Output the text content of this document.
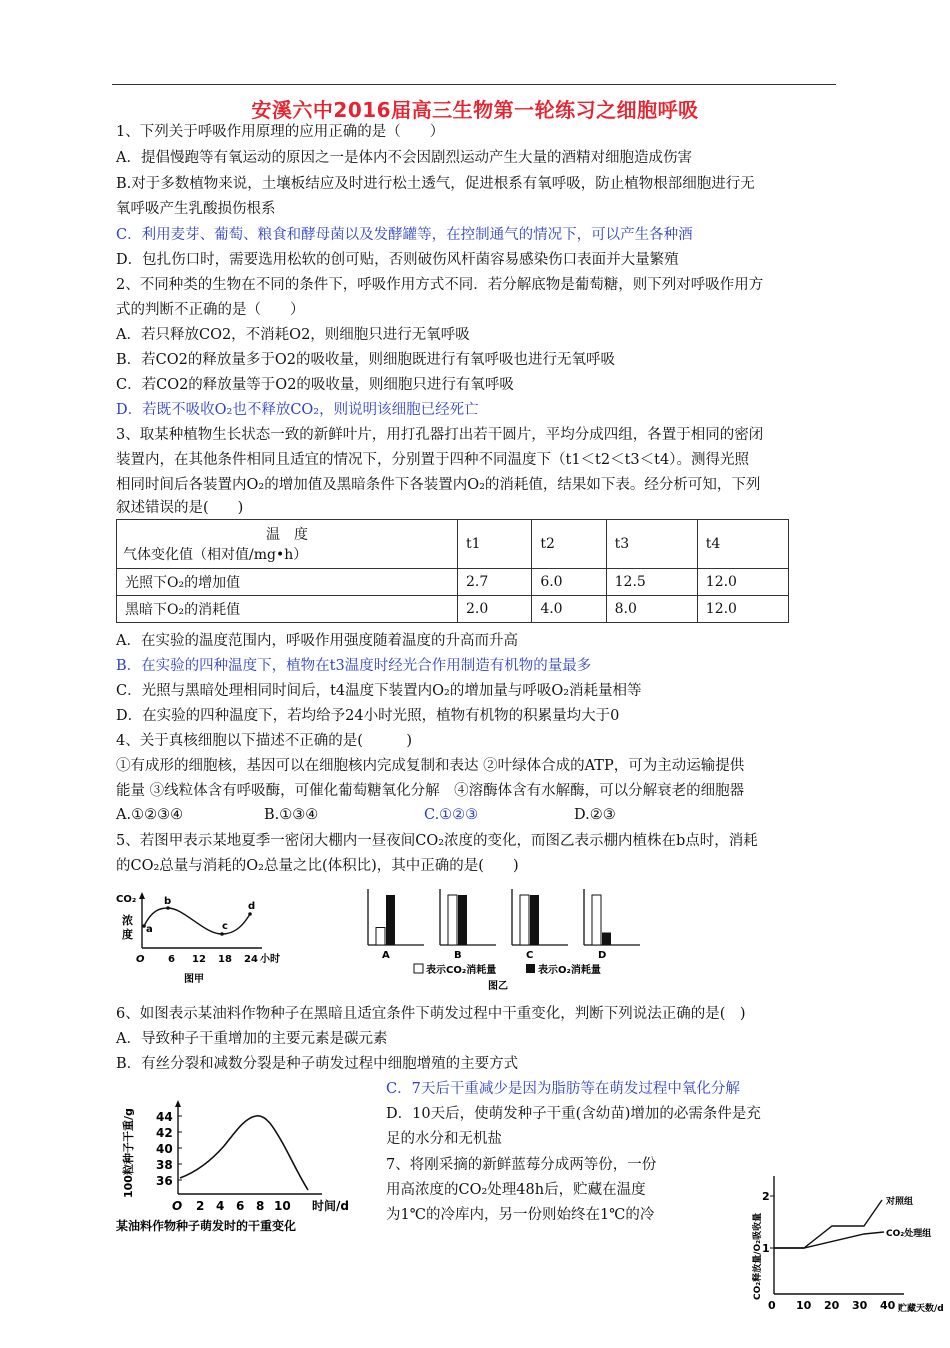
安溪六中2016届高三生物第一轮练习之细胞呼吸
1、下列关于呼吸作用原理的应用正确的是（　　）
A．提倡慢跑等有氧运动的原因之一是体内不会因剧烈运动产生大量的酒精对细胞造成伤害
B.对于多数植物来说，土壤板结应及时进行松土透气，促进根系有氧呼吸，防止植物根部细胞进行无
氧呼吸产生乳酸损伤根系
C．利用麦芽、葡萄、粮食和酵母菌以及发酵罐等，在控制通气的情况下，可以产生各种酒
D．包扎伤口时，需要选用松软的创可贴，否则破伤风杆菌容易感染伤口表面并大量繁殖
2、不同种类的生物在不同的条件下，呼吸作用方式不同．若分解底物是葡萄糖，则下列对呼吸作用方
式的判断不正确的是（　　）
A．若只释放CO2，不消耗O2，则细胞只进行无氧呼吸
B．若CO2的释放量多于O2的吸收量，则细胞既进行有氧呼吸也进行无氧呼吸
C．若CO2的释放量等于O2的吸收量，则细胞只进行有氧呼吸
D．若既不吸收O₂也不释放CO₂，则说明该细胞已经死亡
3、取某种植物生长状态一致的新鲜叶片，用打孔器打出若干圆片，平均分成四组，各置于相同的密闭
装置内，在其他条件相同且适宜的情况下，分别置于四种不同温度下（t1＜t2＜t3＜t4）。测得光照
相同时间后各装置内O₂的增加值及黑暗条件下各装置内O₂的消耗值，结果如下表。经分析可知，下列
叙述错误的是(　　)
温　度
气体变化值（相对值/mg•h）	t1	t2	t3	t4
光照下O₂的增加值	2.7	6.0	12.5	12.0
黑暗下O₂的消耗值	2.0	4.0	8.0	12.0
A．在实验的温度范围内，呼吸作用强度随着温度的升高而升高
B．在实验的四种温度下，植物在t3温度时经光合作用制造有机物的量最多
C．光照与黑暗处理相同时间后，t4温度下装置内O₂的增加量与呼吸O₂消耗量相等
D．在实验的四种温度下，若均给予24小时光照，植物有机物的积累量均大于0
4、关于真核细胞以下描述不正确的是(　　　)
①有成形的细胞核，基因可以在细胞核内完成复制和表达 ②叶绿体合成的ATP，可为主动运输提供
能量 ③线粒体含有呼吸酶，可催化葡萄糖氧化分解　④溶酶体含有水解酶，可以分解衰老的细胞器
A.①②③④	B.①③④	C.①②③	D.②③
5、若图甲表示某地夏季一密闭大棚内一昼夜间CO₂浓度的变化，而图乙表示棚内植株在b点时，消耗
的CO₂总量与消耗的O₂总量之比(体积比)，其中正确的是(　　)
CO₂
浓
度 a
b
c
d
O 6 12 18 24 小时
图甲
A	B	C	D
表示CO₂消耗量	表示O₂消耗量
图乙
6、如图表示某油料作物种子在黑暗且适宜条件下萌发过程中干重变化，判断下列说法正确的是(　)
A．导致种子干重增加的主要元素是碳元素
B．有丝分裂和减数分裂是种子萌发过程中细胞增殖的主要方式
C．7天后干重减少是因为脂肪等在萌发过程中氧化分解
D．10天后，使萌发种子干重(含幼苗)增加的必需条件是充
足的水分和无机盐
100粒种子干重/g 36
38
40
42
44
O 2 4 6 8 10 时间/d
某油料作物种子萌发时的干重变化
7、将刚采摘的新鲜蓝莓分成两等份，一份
用高浓度的CO₂处理48h后，贮藏在温度
为1℃的冷库内，另一份则始终在1℃的冷	CO₂释放量/O₂吸收量 1
2	对照组
CO₂处理组
0 10 20 30 40 贮藏天数/d
